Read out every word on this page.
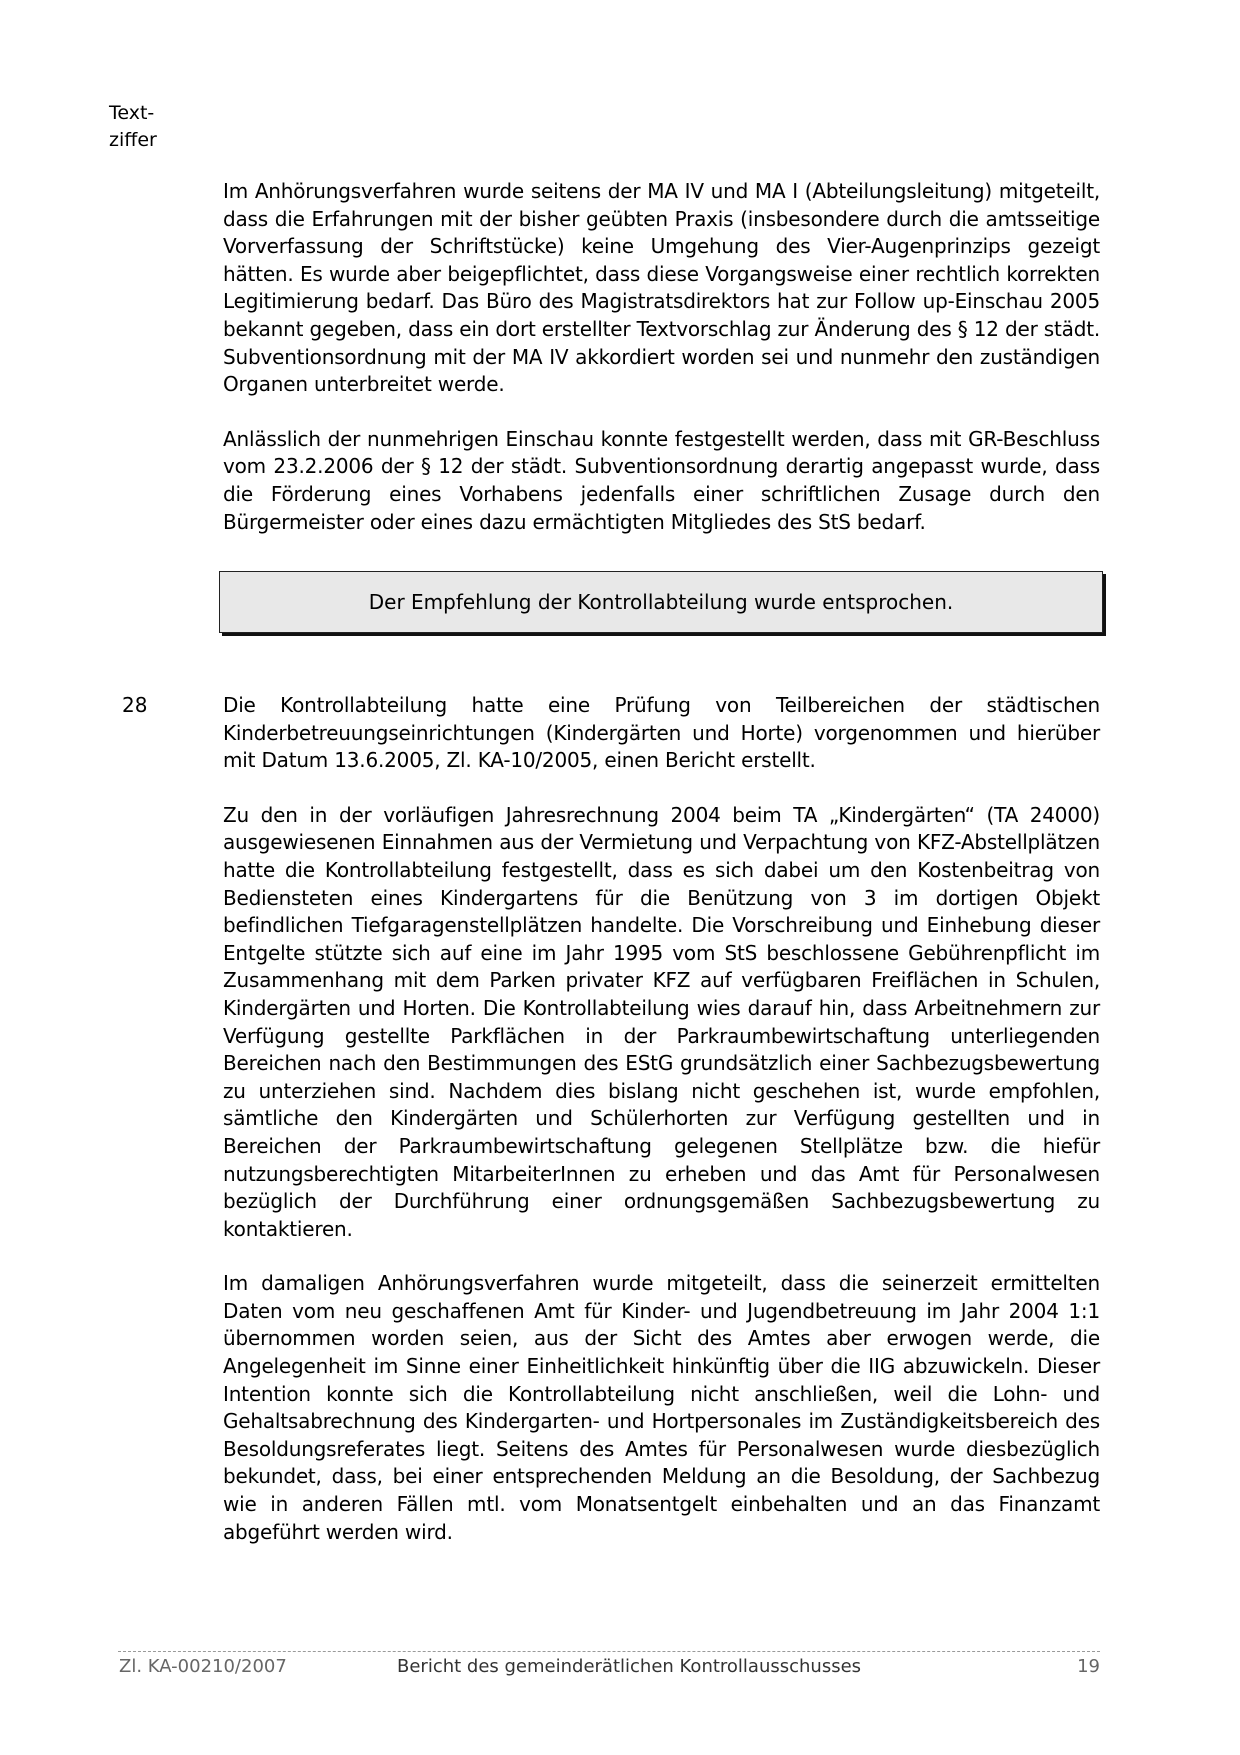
Text-
ziffer

Im Anhörungsverfahren wurde seitens der MA IV und MA I (Abteilungsleitung) mitgeteilt, dass die Erfahrungen mit der bisher geübten Praxis (insbesondere durch die amtsseitige Vorverfassung der Schriftstücke) keine Umgehung des Vier-Augenprinzips gezeigt hätten. Es wurde aber beigepflichtet, dass diese Vorgangsweise einer rechtlich korrekten Legitimierung bedarf. Das Büro des Magistratsdirektors hat zur Follow up-Einschau 2005 bekannt gegeben, dass ein dort erstellter Textvorschlag zur Änderung des § 12 der städt. Subventionsordnung mit der MA IV akkordiert worden sei und nunmehr den zuständigen Organen unterbreitet werde.

Anlässlich der nunmehrigen Einschau konnte festgestellt werden, dass mit GR-Beschluss vom 23.2.2006 der § 12 der städt. Subventionsordnung derartig angepasst wurde, dass die Förderung eines Vorhabens jedenfalls einer schriftlichen Zusage durch den Bürgermeister oder eines dazu ermächtigten Mitgliedes des StS bedarf.

Der Empfehlung der Kontrollabteilung wurde entsprochen.
28	Die Kontrollabteilung hatte eine Prüfung von Teilbereichen der städtischen Kinderbetreuungseinrichtungen (Kindergärten und Horte) vorgenommen und hierüber mit Datum 13.6.2005, Zl. KA-10/2005, einen Bericht erstellt.

Zu den in der vorläufigen Jahresrechnung 2004 beim TA „Kindergärten“ (TA 24000) ausgewiesenen Einnahmen aus der Vermietung und Verpachtung von KFZ-Abstellplätzen hatte die Kontrollabteilung festgestellt, dass es sich dabei um den Kostenbeitrag von Bediensteten eines Kindergartens für die Benützung von 3 im dortigen Objekt befindlichen Tiefgaragenstellplätzen handelte. Die Vorschreibung und Einhebung dieser Entgelte stützte sich auf eine im Jahr 1995 vom StS beschlossene Gebührenpflicht im Zusammenhang mit dem Parken privater KFZ auf verfügbaren Freiflächen in Schulen, Kindergärten und Horten. Die Kontrollabteilung wies darauf hin, dass Arbeitnehmern zur Verfügung gestellte Parkflächen in der Parkraumbewirtschaftung unterliegenden Bereichen nach den Bestimmungen des EStG grundsätzlich einer Sachbezugsbewertung zu unterziehen sind. Nachdem dies bislang nicht geschehen ist, wurde empfohlen, sämtliche den Kindergärten und Schülerhorten zur Verfügung gestellten und in Bereichen der Parkraumbewirtschaftung gelegenen Stellplätze bzw. die hiefür nutzungsberechtigten MitarbeiterInnen zu erheben und das Amt für Personalwesen bezüglich der Durchführung einer ordnungsgemäßen Sachbezugsbewertung zu kontaktieren.

Im damaligen Anhörungsverfahren wurde mitgeteilt, dass die seinerzeit ermittelten Daten vom neu geschaffenen Amt für Kinder- und Jugendbetreuung im Jahr 2004 1:1 übernommen worden seien, aus der Sicht des Amtes aber erwogen werde, die Angelegenheit im Sinne einer Einheitlichkeit hinkünftig über die IIG abzuwickeln. Dieser Intention konnte sich die Kontrollabteilung nicht anschließen, weil die Lohn- und Gehaltsabrechnung des Kindergarten- und Hortpersonales im Zuständigkeitsbereich des Besoldungsreferates liegt. Seitens des Amtes für Personalwesen wurde diesbezüglich bekundet, dass, bei einer entsprechenden Meldung an die Besoldung, der Sachbezug wie in anderen Fällen mtl. vom Monatsentgelt einbehalten und an das Finanzamt abgeführt werden wird.

Zl. KA-00210/2007	Bericht des gemeinderätlichen Kontrollausschusses	19
